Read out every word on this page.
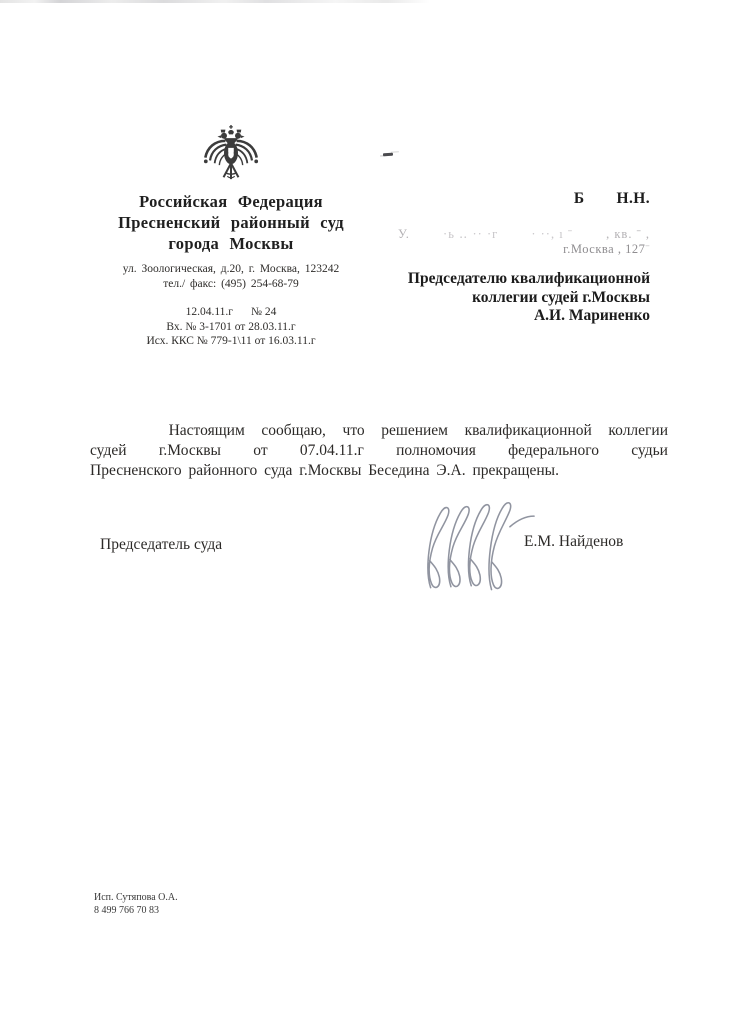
Российская Федерация
Пресненский районный суд
города Москвы
ул. Зоологическая, д.20, г. Москва, 123242
тел./ факс: (495) 254-68-79
12.04.11.г № 24
Вх. № 3-1701 от 28.03.11.г
Исх. ККС № 779-1\11 от 16.03.11.г
Б Н.Н.
У.	·ь ‥ ·· ·г	· ··, ı ˉ	, кв. ˉ ,
г.Москва , 127ˉ
Председателю квалификационной
коллегии судей г.Москвы
А.И. Мариненко
Настоящим сообщаю, что решением квалификационной коллегии
судей г.Москвы от 07.04.11.г полномочия федерального судьи
Пресненского районного суда г.Москвы Беседина Э.А. прекращены.
Председатель суда	Е.М. Найденов
Исп. Сутяпова О.А.
8 499 766 70 83
